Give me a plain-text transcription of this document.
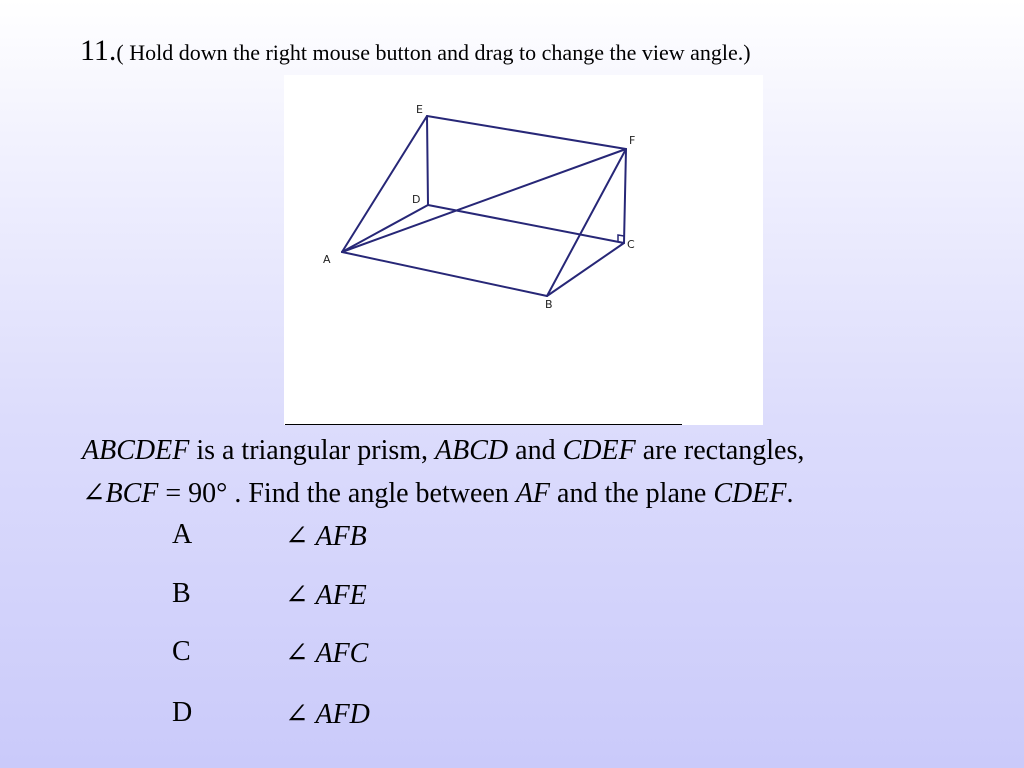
11.( Hold down the right mouse button and drag to change the view angle.)
E
F
D
C
A
B
ABCDEF is a triangular prism, ABCD and CDEF are rectangles,
∠BCF = 90° . Find the angle between AF and the plane CDEF.
A	∠ AFB
B	∠ AFE
C	∠ AFC
D	∠ AFD
